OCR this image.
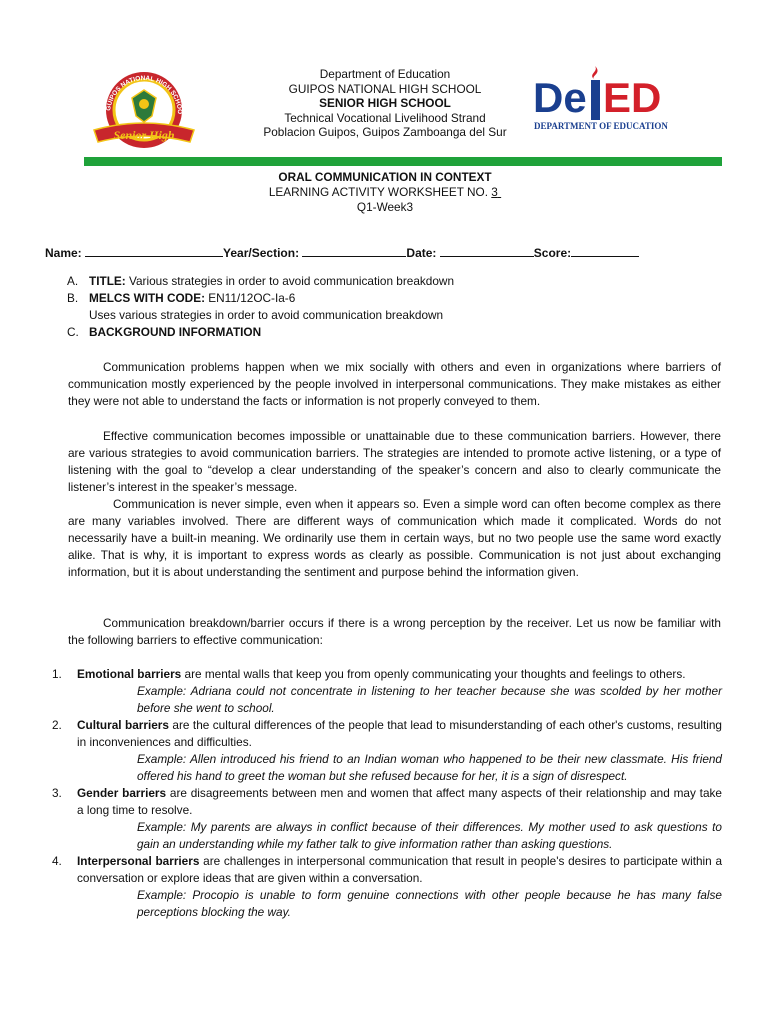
GUIPOS NATIONAL HIGH SCHOO
Senior High
Department of Education
GUIPOS NATIONAL HIGH SCHOOL
SENIOR HIGH SCHOOL
Technical Vocational Livelihood Strand
Poblacion Guipos, Guipos Zamboanga del Sur
De ED
DEPARTMENT OF EDUCATION
ORAL COMMUNICATION IN CONTEXT
LEARNING ACTIVITY WORKSHEET NO. 3
Q1-Week3
Name:	Year/Section:	Date:	Score:
A. TITLE: Various strategies in order to avoid communication breakdown
B. MELCS WITH CODE: EN11/12OC-Ia-6
Uses various strategies in order to avoid communication breakdown
C. BACKGROUND INFORMATION
Communication problems happen when we mix socially with others and even in organizations where barriers of communication mostly experienced by the people involved in interpersonal communications. They make mistakes as either they were not able to understand the facts or information is not properly conveyed to them.
Effective communication becomes impossible or unattainable due to these communication barriers. However, there are various strategies to avoid communication barriers. The strategies are intended to promote active listening, or a type of listening with the goal to “develop a clear understanding of the speaker’s concern and also to clearly communicate the listener’s interest in the speaker’s message.
Communication is never simple, even when it appears so. Even a simple word can often become complex as there are many variables involved. There are different ways of communication which made it complicated. Words do not necessarily have a built-in meaning. We ordinarily use them in certain ways, but no two people use the same word exactly alike. That is why, it is important to express words as clearly as possible. Communication is not just about exchanging information, but it is about understanding the sentiment and purpose behind the information given.
Communication breakdown/barrier occurs if there is a wrong perception by the receiver. Let us now be familiar with the following barriers to effective communication:
1.	Emotional barriers are mental walls that keep you from openly communicating your thoughts and feelings to others.
Example: Adriana could not concentrate in listening to her teacher because she was scolded by her mother before she went to school.
2.	Cultural barriers are the cultural differences of the people that lead to misunderstanding of each other's customs, resulting in inconveniences and difficulties.
Example: Allen introduced his friend to an Indian woman who happened to be their new classmate. His friend offered his hand to greet the woman but she refused because for her, it is a sign of disrespect.
3.	Gender barriers are disagreements between men and women that affect many aspects of their relationship and may take a long time to resolve.
Example: My parents are always in conflict because of their differences. My mother used to ask questions to gain an understanding while my father talk to give information rather than asking questions.
4.	Interpersonal barriers are challenges in interpersonal communication that result in people's desires to participate within a conversation or explore ideas that are given within a conversation.
Example: Procopio is unable to form genuine connections with other people because he has many false perceptions blocking the way.
